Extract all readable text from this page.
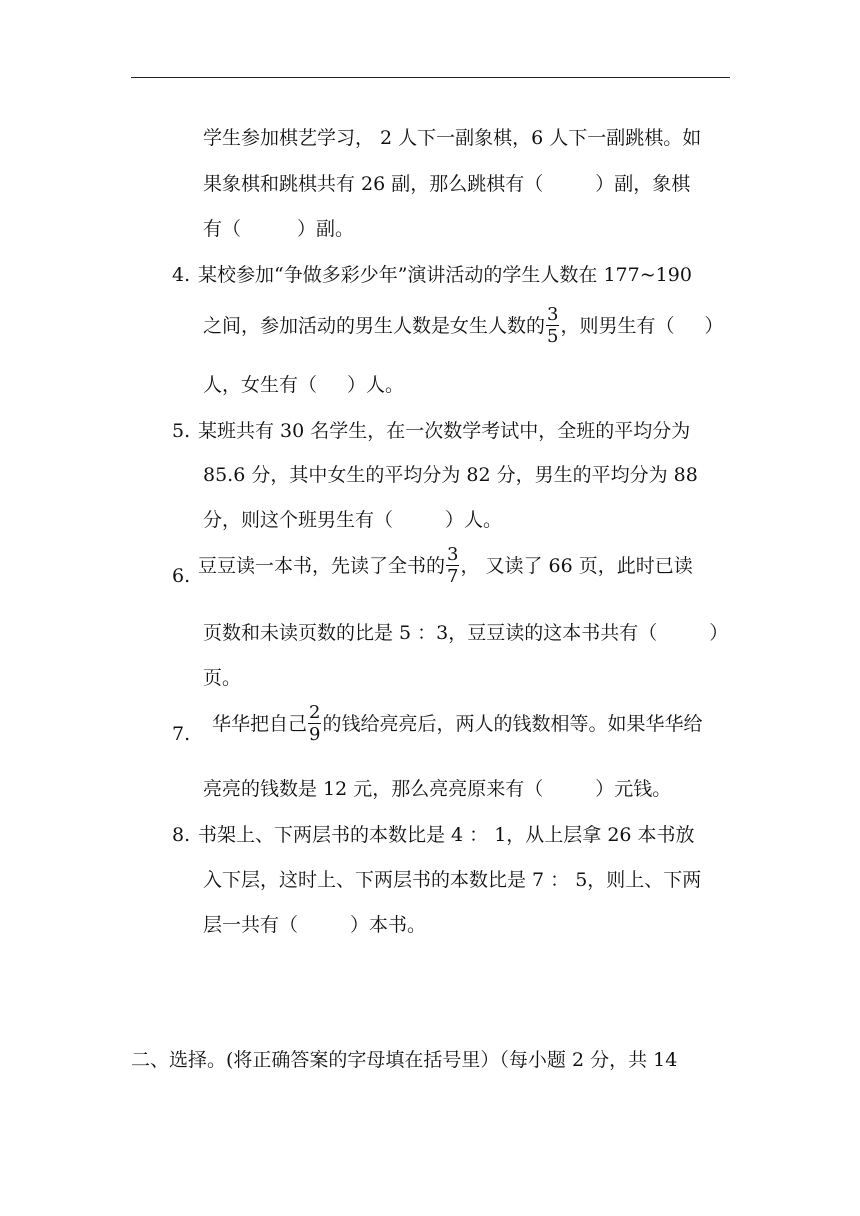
学生参加棋艺学习， 2 人下一副象棋，6 人下一副跳棋。如
果象棋和跳棋共有 26 副，那么跳棋有（	）副，象棋
有（	）副。
4. 某校参加“争做多彩少年”演讲活动的学生人数在 177~190
之间，参加活动的男生人数是女生人数的 $\frac{3}{5}$ ，则男生有（ ）
人，女生有（ ）人。
5. 某班共有 30 名学生，在一次数学考试中，全班的平均分为
85.6 分，其中女生的平均分为 82 分，男生的平均分为 88
分，则这个班男生有（	）人。
6. 豆豆读一本书，先读了全书的 $\frac{3}{7}$ ， 又读了 66 页，此时已读
页数和未读页数的比是 5 ：3，豆豆读的这本书共有（	）
页。
7. 华华把自己 $\frac{2}{9}$ 的钱给亮亮后，两人的钱数相等。如果华华给
亮亮的钱数是 12 元，那么亮亮原来有（	）元钱。
8. 书架上、下两层书的本数比是 4 ： 1，从上层拿 26 本书放
入下层，这时上、下两层书的本数比是 7 ： 5，则上、下两
层一共有（	）本书。
二、选择。(将正确答案的字母填在括号里）（每小题 2 分，共 14
